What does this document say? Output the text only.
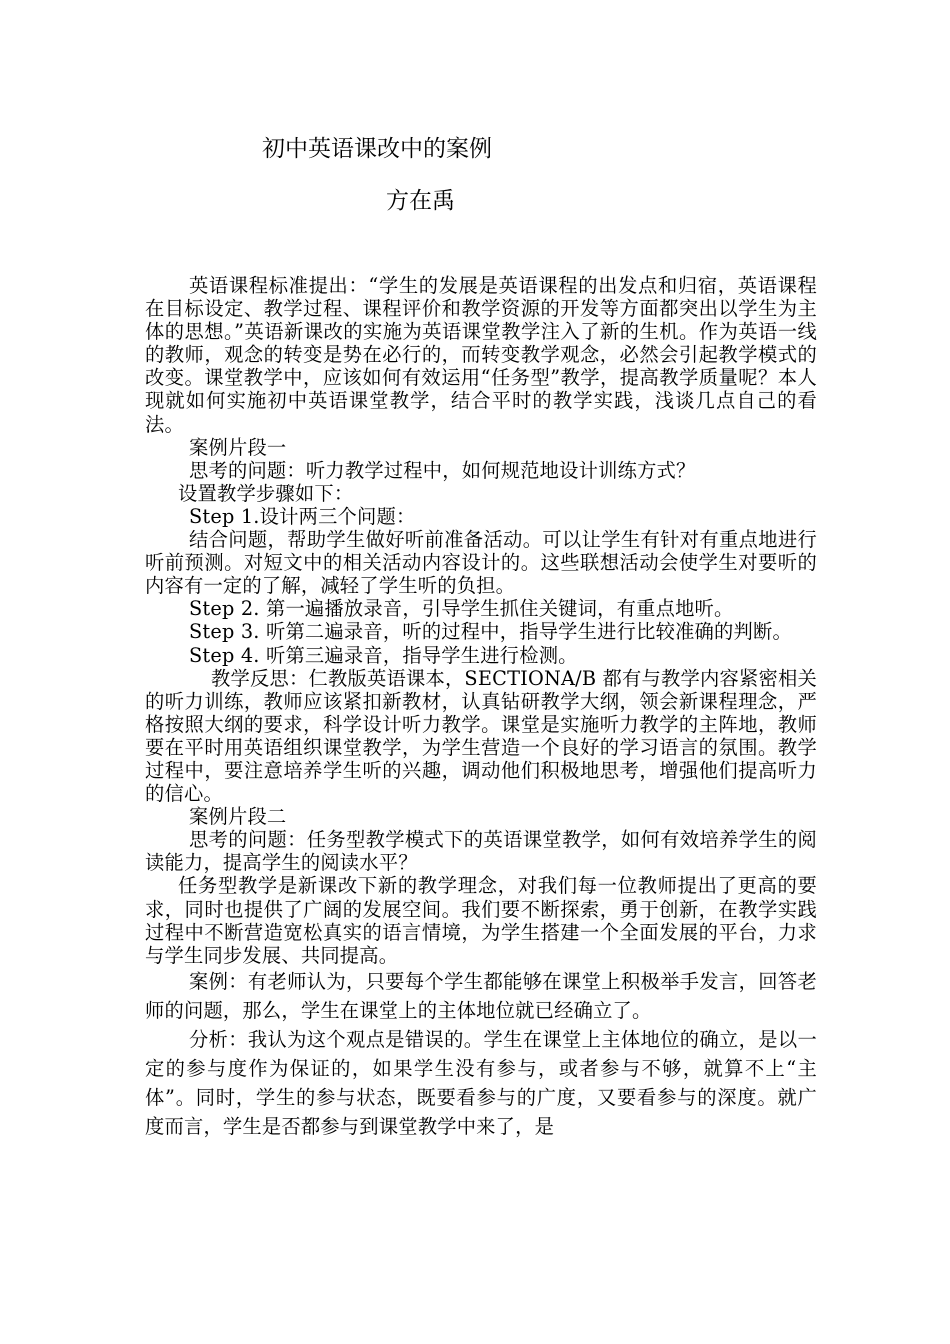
初中英语课改中的案例
方在禹

英语课程标准提出：“学生的发展是英语课程的出发点和归宿，英语课程在目标设定、教学过程、课程评价和教学资源的开发等方面都突出以学生为主体的思想。”英语新课改的实施为英语课堂教学注入了新的生机。作为英语一线的教师，观念的转变是势在必行的，而转变教学观念，必然会引起教学模式的改变。课堂教学中，应该如何有效运用“任务型”教学，提高教学质量呢？本人现就如何实施初中英语课堂教学，结合平时的教学实践，浅谈几点自己的看法。

案例片段一

思考的问题：听力教学过程中，如何规范地设计训练方式？

设置教学步骤如下：

Step 1.设计两三个问题：

结合问题，帮助学生做好听前准备活动。可以让学生有针对有重点地进行听前预测。对短文中的相关活动内容设计的。这些联想活动会使学生对要听的内容有一定的了解，减轻了学生听的负担。

Step 2. 第一遍播放录音，引导学生抓住关键词，有重点地听。

Step 3. 听第二遍录音，听的过程中，指导学生进行比较准确的判断。

Step 4. 听第三遍录音，指导学生进行检测。

教学反思：仁教版英语课本，SECTIONA/B 都有与教学内容紧密相关的听力训练，教师应该紧扣新教材，认真钻研教学大纲，领会新课程理念，严格按照大纲的要求，科学设计听力教学。课堂是实施听力教学的主阵地，教师要在平时用英语组织课堂教学，为学生营造一个良好的学习语言的氛围。教学过程中，要注意培养学生听的兴趣，调动他们积极地思考，增强他们提高听力的信心。

案例片段二

思考的问题：任务型教学模式下的英语课堂教学，如何有效培养学生的阅读能力，提高学生的阅读水平？

任务型教学是新课改下新的教学理念，对我们每一位教师提出了更高的要求，同时也提供了广阔的发展空间。我们要不断探索，勇于创新，在教学实践过程中不断营造宽松真实的语言情境，为学生搭建一个全面发展的平台，力求与学生同步发展、共同提高。

案例：有老师认为，只要每个学生都能够在课堂上积极举手发言，回答老师的问题，那么，学生在课堂上的主体地位就已经确立了。

分析：我认为这个观点是错误的。学生在课堂上主体地位的确立，是以一定的参与度作为保证的，如果学生没有参与，或者参与不够，就算不上“主体”。同时，学生的参与状态，既要看参与的广度，又要看参与的深度。就广度而言，学生是否都参与到课堂教学中来了，是
